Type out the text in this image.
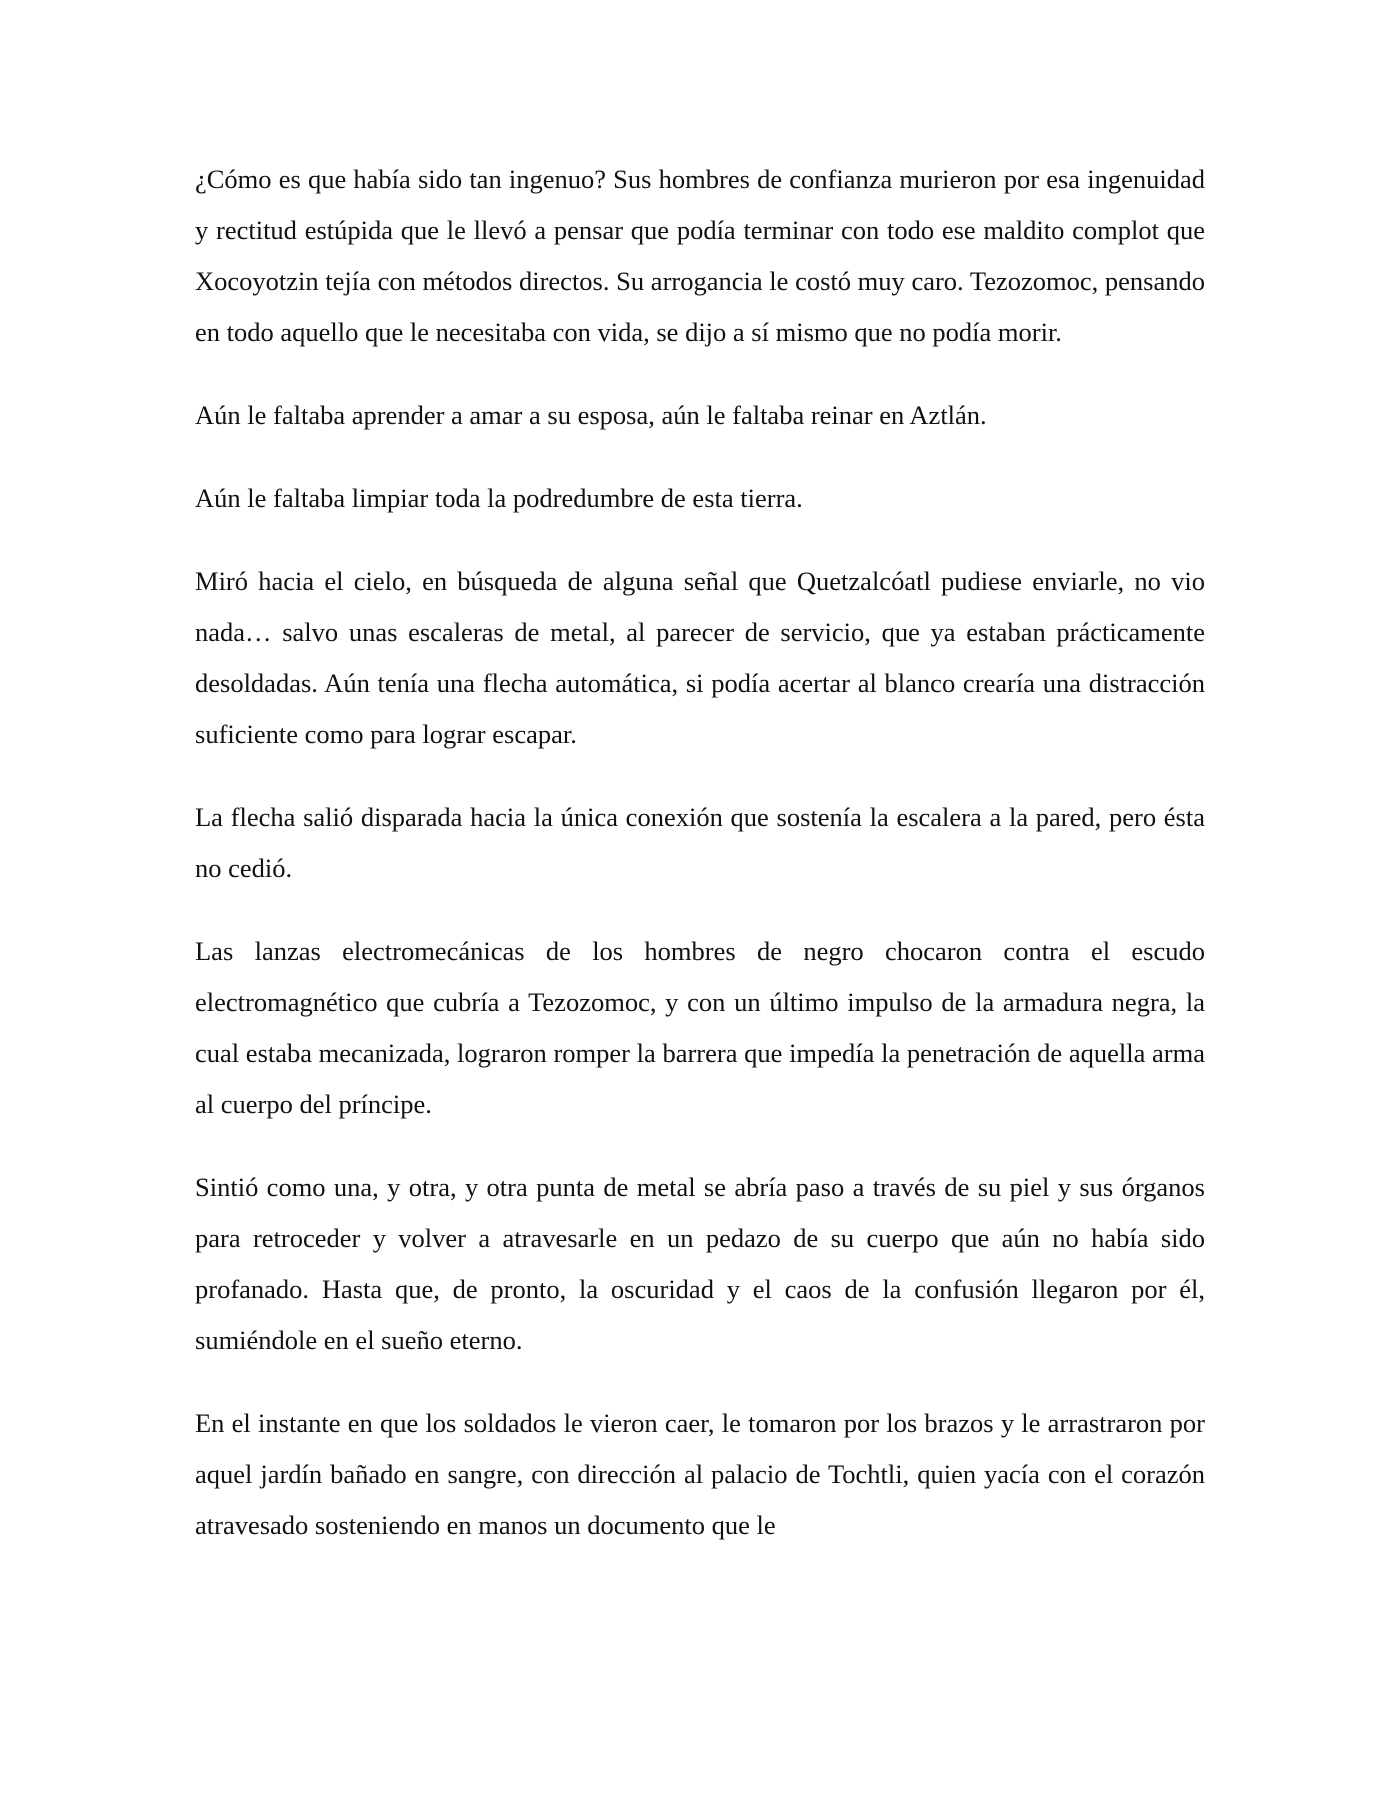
¿Cómo es que había sido tan ingenuo? Sus hombres de confianza murieron por esa ingenuidad y rectitud estúpida que le llevó a pensar que podía terminar con todo ese maldito complot que Xocoyotzin tejía con métodos directos. Su arrogancia le costó muy caro. Tezozomoc, pensando en todo aquello que le necesitaba con vida, se dijo a sí mismo que no podía morir.

Aún le faltaba aprender a amar a su esposa, aún le faltaba reinar en Aztlán.

Aún le faltaba limpiar toda la podredumbre de esta tierra.

Miró hacia el cielo, en búsqueda de alguna señal que Quetzalcóatl pudiese enviarle, no vio nada… salvo unas escaleras de metal, al parecer de servicio, que ya estaban prácticamente desoldadas. Aún tenía una flecha automática, si podía acertar al blanco crearía una distracción suficiente como para lograr escapar.

La flecha salió disparada hacia la única conexión que sostenía la escalera a la pared, pero ésta no cedió.

Las lanzas electromecánicas de los hombres de negro chocaron contra el escudo electromagnético que cubría a Tezozomoc, y con un último impulso de la armadura negra, la cual estaba mecanizada, lograron romper la barrera que impedía la penetración de aquella arma al cuerpo del príncipe.

Sintió como una, y otra, y otra punta de metal se abría paso a través de su piel y sus órganos para retroceder y volver a atravesarle en un pedazo de su cuerpo que aún no había sido profanado. Hasta que, de pronto, la oscuridad y el caos de la confusión llegaron por él, sumiéndole en el sueño eterno.

En el instante en que los soldados le vieron caer, le tomaron por los brazos y le arrastraron por aquel jardín bañado en sangre, con dirección al palacio de Tochtli, quien yacía con el corazón atravesado sosteniendo en manos un documento que le
